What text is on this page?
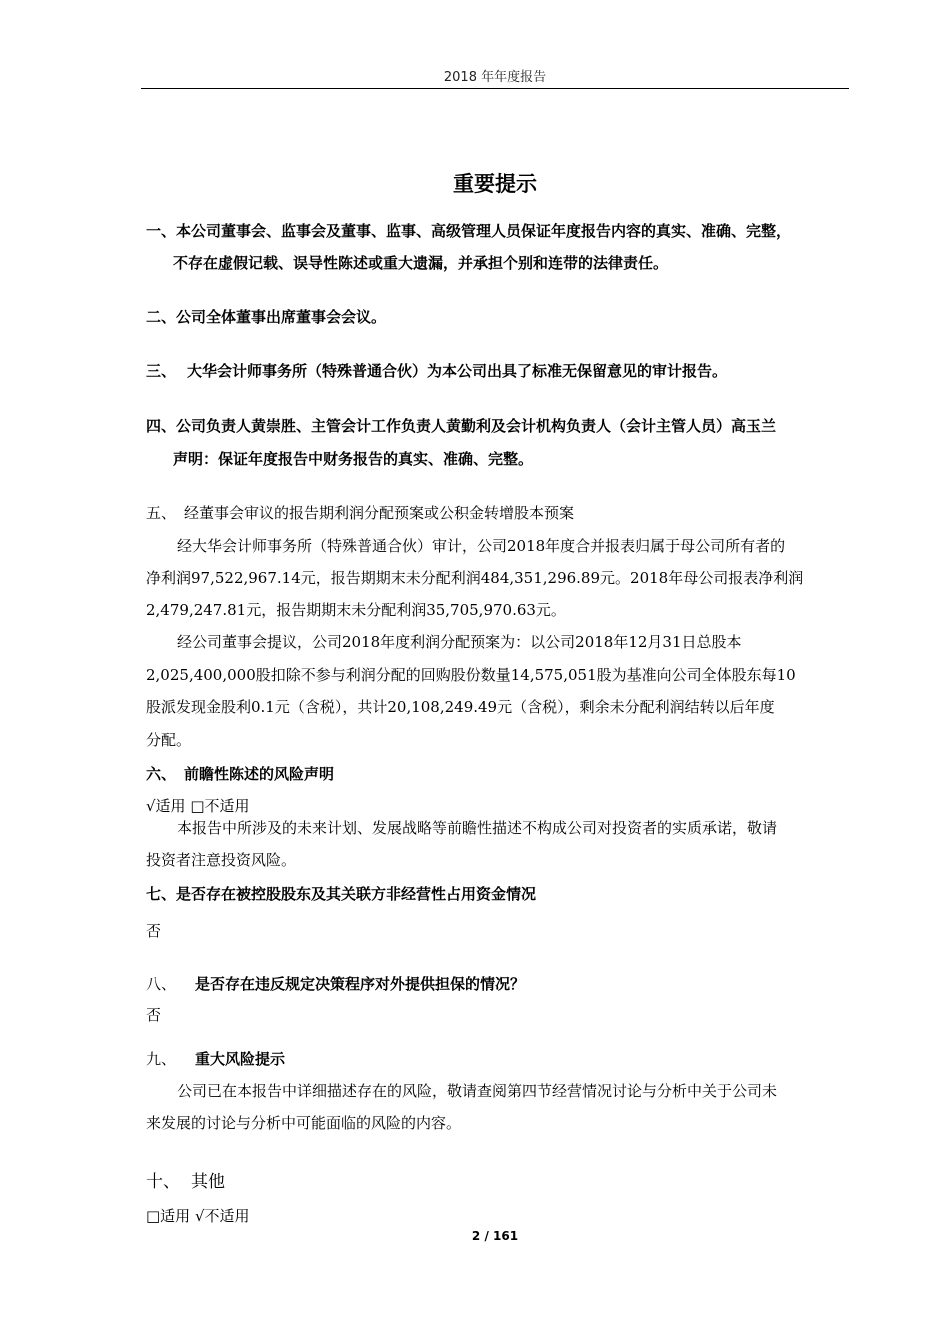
2018 年年度报告
重要提示
一、本公司董事会、监事会及董事、监事、高级管理人员保证年度报告内容的真实、准确、完整，
不存在虚假记载、误导性陈述或重大遗漏，并承担个别和连带的法律责任。
二、公司全体董事出席董事会会议。
三、 大华会计师事务所（特殊普通合伙）为本公司出具了标准无保留意见的审计报告。
四、公司负责人黄崇胜、主管会计工作负责人黄勤利及会计机构负责人（会计主管人员）高玉兰
声明：保证年度报告中财务报告的真实、准确、完整。
五、 经董事会审议的报告期利润分配预案或公积金转增股本预案
经大华会计师事务所（特殊普通合伙）审计，公司2018年度合并报表归属于母公司所有者的
净利润97,522,967.14元，报告期期末未分配利润484,351,296.89元。2018年母公司报表净利润
2,479,247.81元，报告期期末未分配利润35,705,970.63元。
经公司董事会提议，公司2018年度利润分配预案为：以公司2018年12月31日总股本
2,025,400,000股扣除不参与利润分配的回购股份数量14,575,051股为基准向公司全体股东每10
股派发现金股利0.1元（含税），共计20,108,249.49元（含税），剩余未分配利润结转以后年度
分配。
六、 前瞻性陈述的风险声明
√适用 □不适用
本报告中所涉及的未来计划、发展战略等前瞻性描述不构成公司对投资者的实质承诺，敬请
投资者注意投资风险。
七、是否存在被控股股东及其关联方非经营性占用资金情况
否
八、 是否存在违反规定决策程序对外提供担保的情况？
否
九、 重大风险提示
公司已在本报告中详细描述存在的风险，敬请查阅第四节经营情况讨论与分析中关于公司未
来发展的讨论与分析中可能面临的风险的内容。
十、 其他
□适用 √不适用
2 / 161
